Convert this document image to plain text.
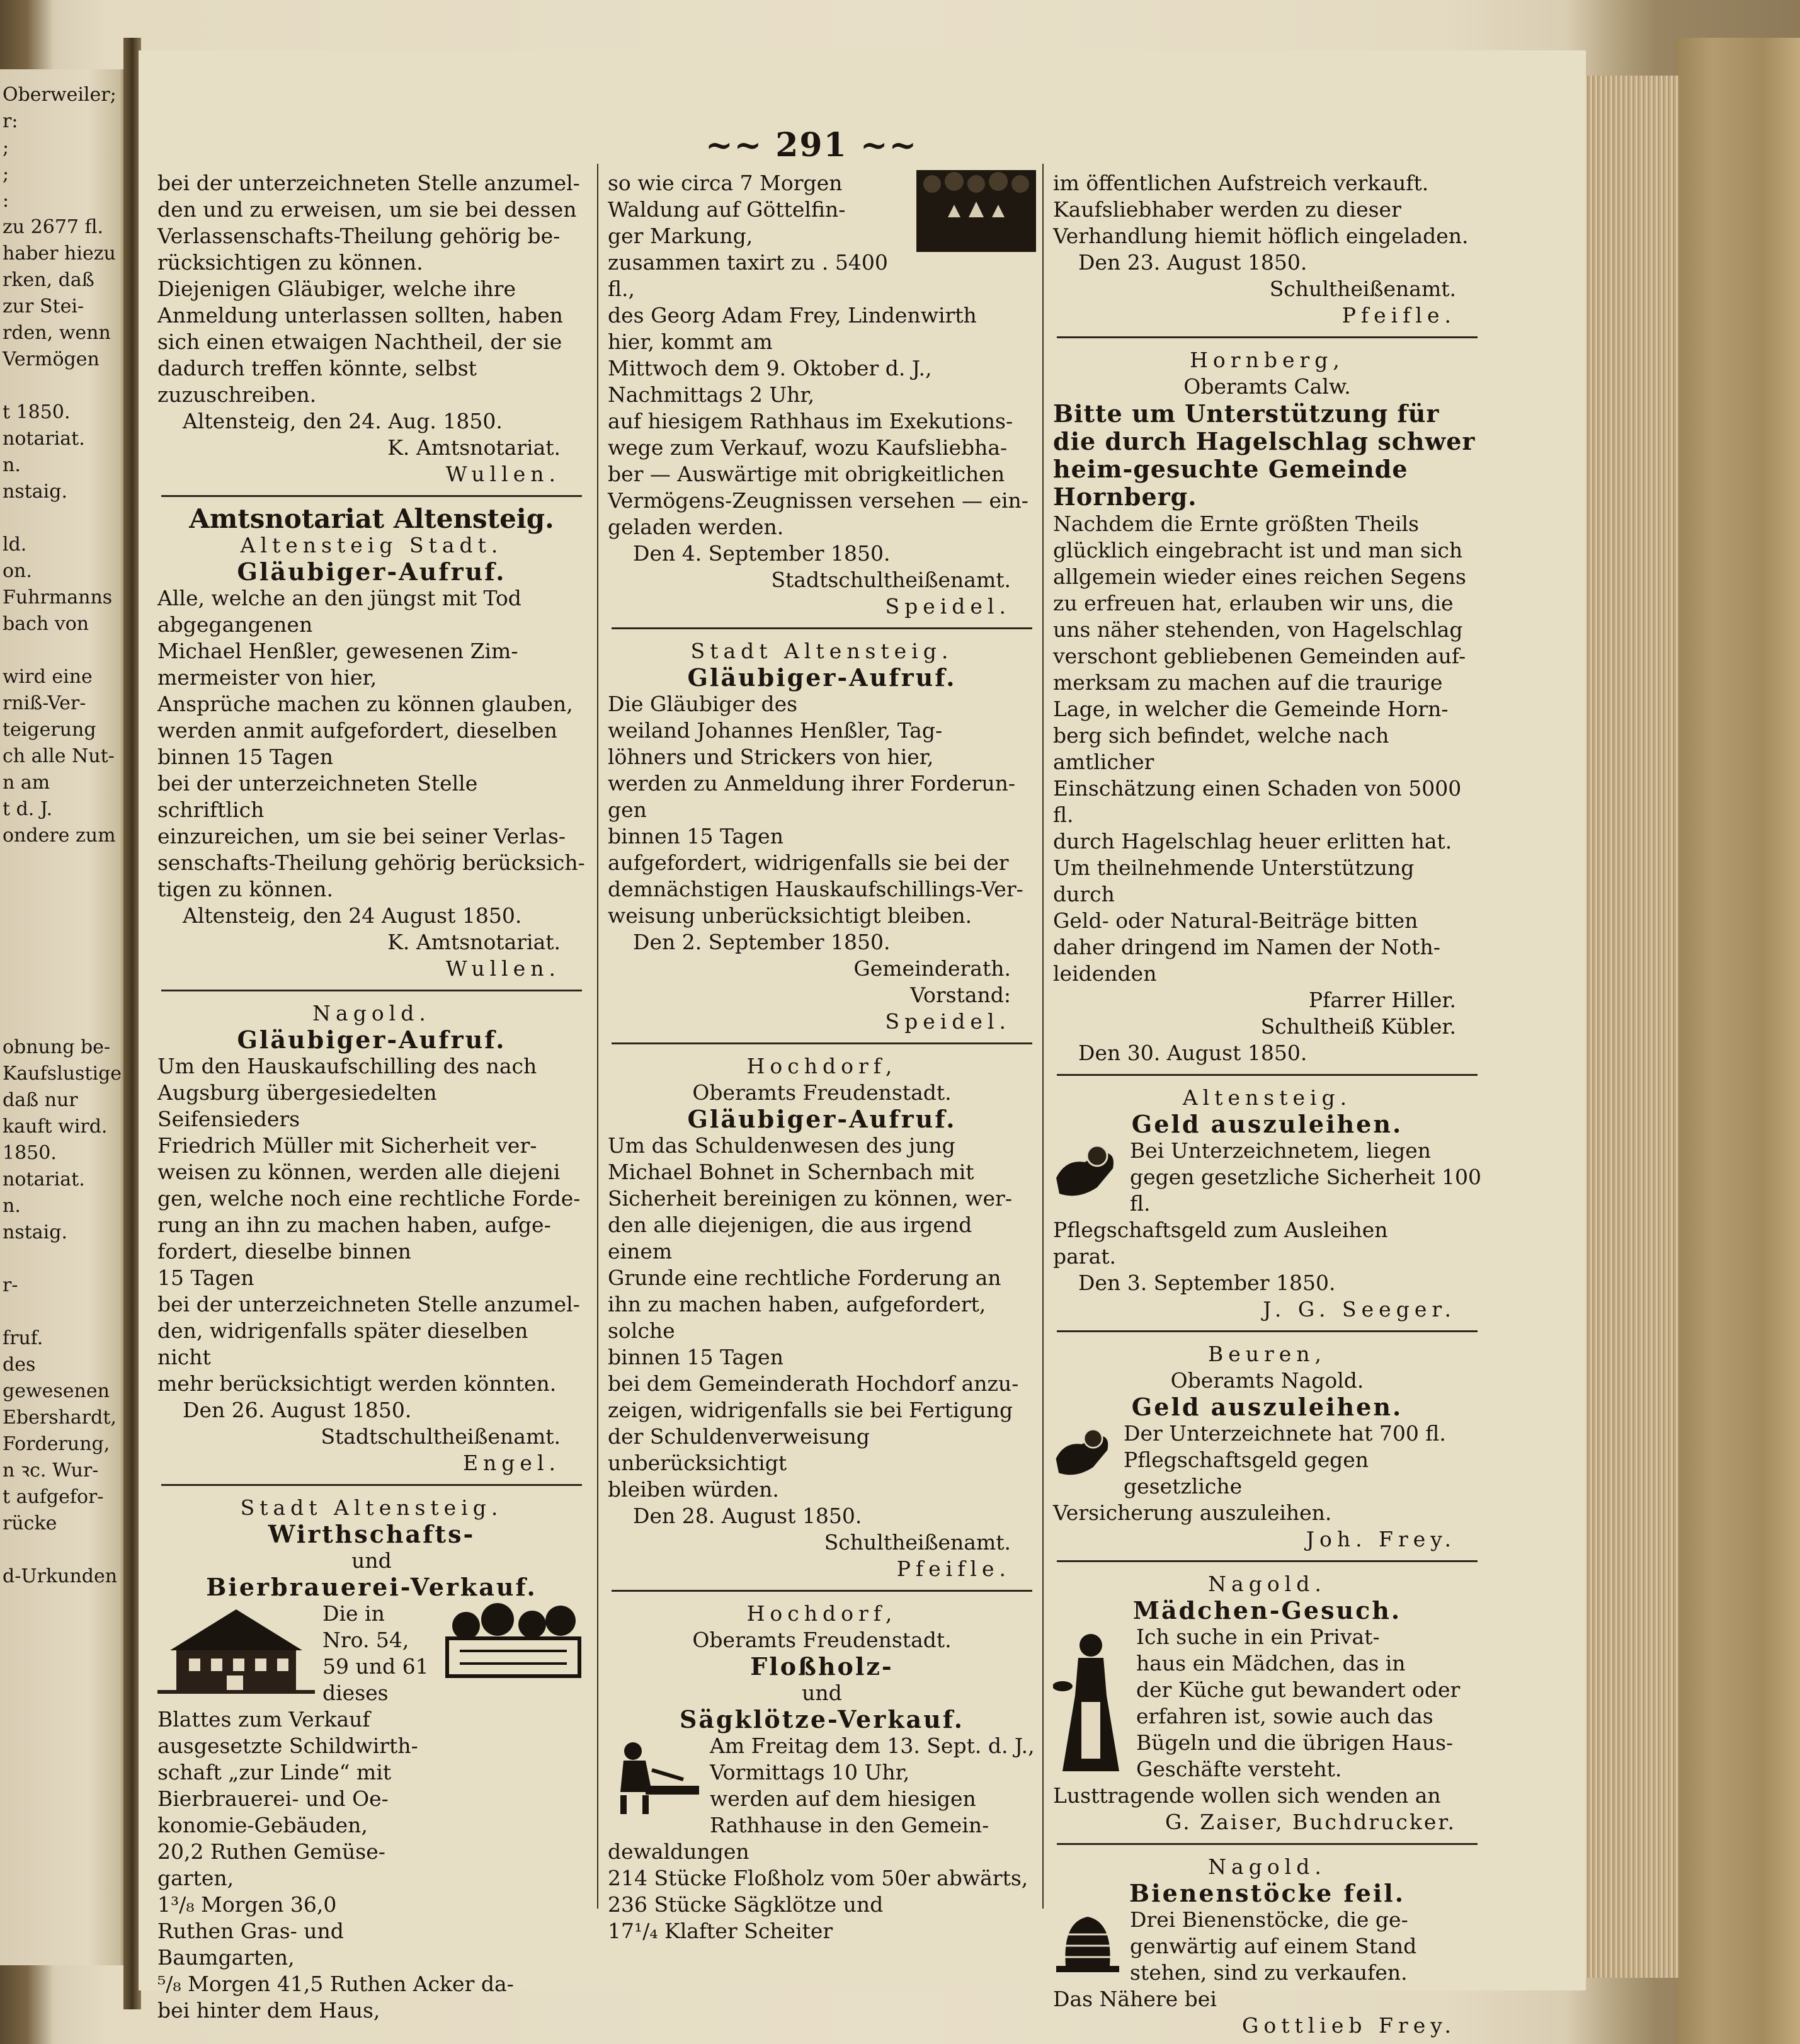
Oberweiler;
r:
;
;
:
zu 2677 fl.
haber hiezu
rken, daß
zur Stei-
rden, wenn
Vermögen
t 1850.
notariat.
n.
nstaig.
ld.
on.
Fuhrmanns
bach von
wird eine
rniß-Ver-
teigerung
ch alle Nut-
n am
t d. J.
ondere zum
obnung be-
Kaufslustige
daß nur
kauft wird.
1850.
notariat.
n.
nstaig.
r-
fruf.
des
gewesenen
Ebershardt,
Forderung,
n ꝛc. Wur-
t aufgefor-
rücke
d-Urkunden
~~ 291 ~~

bei der unterzeichneten Stelle anzumel-

den und zu erweisen, um sie bei dessen

Verlassenschafts-Theilung gehörig be-

rücksichtigen zu können.

Diejenigen Gläubiger, welche ihre

Anmeldung unterlassen sollten, haben

sich einen etwaigen Nachtheil, der sie

dadurch treffen könnte, selbst zuzuschreiben.

Altensteig, den 24. Aug. 1850.

K. Amtsnotariat.

Wullen.

Amtsnotariat Altensteig.

Altensteig Stadt.

Gläubiger-Aufruf.

Alle, welche an den jüngst mit Tod

abgegangenen

Michael Henßler, gewesenen Zim-

mermeister von hier,

Ansprüche machen zu können glauben,

werden anmit aufgefordert, dieselben

binnen 15 Tagen

bei der unterzeichneten Stelle schriftlich

einzureichen, um sie bei seiner Verlas-

senschafts-Theilung gehörig berücksich-

tigen zu können.

Altensteig, den 24 August 1850.

K. Amtsnotariat.

Wullen.

Nagold.

Gläubiger-Aufruf.

Um den Hauskaufschilling des nach

Augsburg übergesiedelten Seifensieders

Friedrich Müller mit Sicherheit ver-

weisen zu können, werden alle diejeni

gen, welche noch eine rechtliche Forde-

rung an ihn zu machen haben, aufge-

fordert, dieselbe binnen

15 Tagen

bei der unterzeichneten Stelle anzumel-

den, widrigenfalls später dieselben nicht

mehr berücksichtigt werden könnten.

Den 26. August 1850.

Stadtschultheißenamt.

Engel.

Stadt Altensteig.

Wirthschafts-

und

Bierbrauerei-Verkauf.

Die in Nro. 54, 59 und 61 dieses

Blattes zum Verkauf

ausgesetzte Schildwirth-

schaft „zur Linde“ mit

Bierbrauerei- und Oe-

konomie-Gebäuden,

20,2 Ruthen Gemüse-

garten,

1³/₈ Morgen 36,0

Ruthen Gras- und

Baumgarten,

⁵/₈ Morgen 41,5 Ruthen Acker da-

bei hinter dem Haus,

so wie circa 7 Morgen

Waldung auf Göttelfin-

ger Markung,

zusammen taxirt zu . 5400 fl.,

des Georg Adam Frey, Lindenwirth

hier, kommt am

Mittwoch dem 9. Oktober d. J.,

Nachmittags 2 Uhr,

auf hiesigem Rathhaus im Exekutions-

wege zum Verkauf, wozu Kaufsliebha-

ber — Auswärtige mit obrigkeitlichen

Vermögens-Zeugnissen versehen — ein-

geladen werden.

Den 4. September 1850.

Stadtschultheißenamt.

Speidel.

Stadt Altensteig.

Gläubiger-Aufruf.

Die Gläubiger des

weiland Johannes Henßler, Tag-

löhners und Strickers von hier,

werden zu Anmeldung ihrer Forderun-

gen

binnen 15 Tagen

aufgefordert, widrigenfalls sie bei der

demnächstigen Hauskaufschillings-Ver-

weisung unberücksichtigt bleiben.

Den 2. September 1850.

Gemeinderath.

Vorstand:

Speidel.

Hochdorf,

Oberamts Freudenstadt.

Gläubiger-Aufruf.

Um das Schuldenwesen des jung

Michael Bohnet in Schernbach mit

Sicherheit bereinigen zu können, wer-

den alle diejenigen, die aus irgend einem

Grunde eine rechtliche Forderung an

ihn zu machen haben, aufgefordert,

solche

binnen 15 Tagen

bei dem Gemeinderath Hochdorf anzu-

zeigen, widrigenfalls sie bei Fertigung

der Schuldenverweisung unberücksichtigt

bleiben würden.

Den 28. August 1850.

Schultheißenamt.

Pfeifle.

Hochdorf,

Oberamts Freudenstadt.

Floßholz-

und

Sägklötze-Verkauf.

Am Freitag dem 13. Sept. d. J.,

Vormittags 10 Uhr,

werden auf dem hiesigen

Rathhause in den Gemein-

dewaldungen

214 Stücke Floßholz vom 50er abwärts,

236 Stücke Sägklötze und

17¹/₄ Klafter Scheiter

im öffentlichen Aufstreich verkauft.

Kaufsliebhaber werden zu dieser

Verhandlung hiemit höflich eingeladen.

Den 23. August 1850.

Schultheißenamt.

Pfeifle.

Hornberg,

Oberamts Calw.

Bitte um Unterstützung für die durch Hagelschlag schwer heim-gesuchte Gemeinde Hornberg.

Nachdem die Ernte größten Theils

glücklich eingebracht ist und man sich

allgemein wieder eines reichen Segens

zu erfreuen hat, erlauben wir uns, die

uns näher stehenden, von Hagelschlag

verschont gebliebenen Gemeinden auf-

merksam zu machen auf die traurige

Lage, in welcher die Gemeinde Horn-

berg sich befindet, welche nach amtlicher

Einschätzung einen Schaden von 5000 fl.

durch Hagelschlag heuer erlitten hat.

Um theilnehmende Unterstützung durch

Geld- oder Natural-Beiträge bitten

daher dringend im Namen der Noth-

leidenden

Pfarrer Hiller.

Schultheiß Kübler.

Den 30. August 1850.

Altensteig.

Geld auszuleihen.

Bei Unterzeichnetem, liegen

gegen gesetzliche Sicherheit 100 fl.

Pflegschaftsgeld zum Ausleihen

parat.

Den 3. September 1850.

J. G. Seeger.

Beuren,

Oberamts Nagold.

Geld auszuleihen.

Der Unterzeichnete hat 700 fl.

Pflegschaftsgeld gegen gesetzliche

Versicherung auszuleihen.

Joh. Frey.

Nagold.

Mädchen-Gesuch.

Ich suche in ein Privat-

haus ein Mädchen, das in

der Küche gut bewandert oder

erfahren ist, sowie auch das

Bügeln und die übrigen Haus-

Geschäfte versteht.

Lusttragende wollen sich wenden an

G. Zaiser, Buchdrucker.

Nagold.

Bienenstöcke feil.

Drei Bienenstöcke, die ge-

genwärtig auf einem Stand

stehen, sind zu verkaufen.

Das Nähere bei

Gottlieb Frey.
